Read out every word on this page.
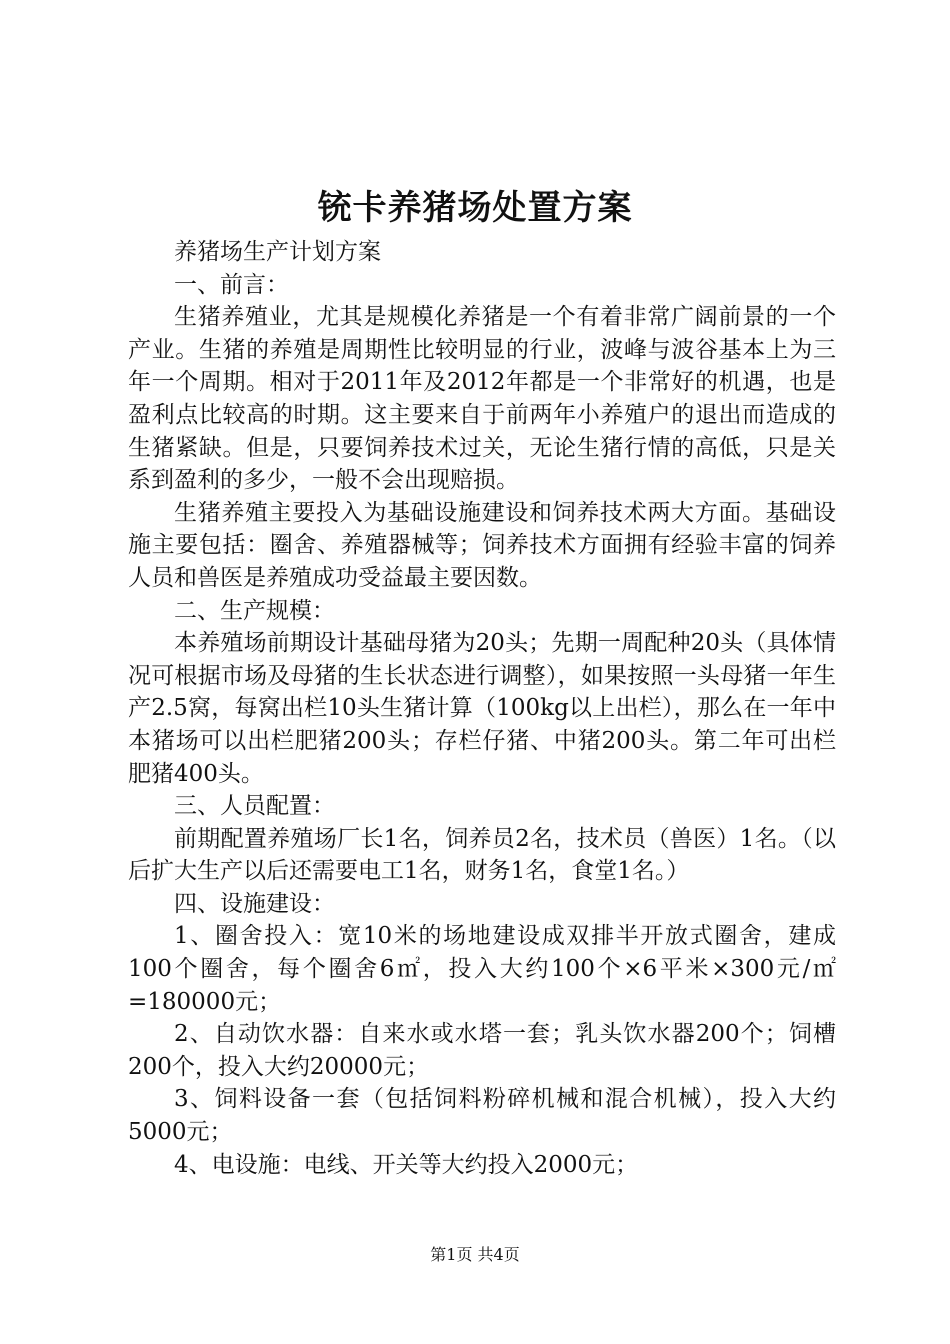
铳卡养猪场处置方案

养猪场生产计划方案

一、前言：

生猪养殖业，尤其是规模化养猪是一个有着非常广阔前景的一个产业。生猪的养殖是周期性比较明显的行业，波峰与波谷基本上为三年一个周期。相对于2011年及2012年都是一个非常好的机遇，也是盈利点比较高的时期。这主要来自于前两年小养殖户的退出而造成的生猪紧缺。但是，只要饲养技术过关，无论生猪行情的高低，只是关系到盈利的多少，一般不会出现赔损。

生猪养殖主要投入为基础设施建设和饲养技术两大方面。基础设施主要包括：圈舍、养殖器械等；饲养技术方面拥有经验丰富的饲养人员和兽医是养殖成功受益最主要因数。

二、生产规模：

本养殖场前期设计基础母猪为20头；先期一周配种20头（具体情况可根据市场及母猪的生长状态进行调整），如果按照一头母猪一年生产2.5窝，每窝出栏10头生猪计算（100kg以上出栏），那么在一年中本猪场可以出栏肥猪200头；存栏仔猪、中猪200头。第二年可出栏肥猪400头。

三、人员配置：

前期配置养殖场厂长1名，饲养员2名，技术员（兽医）1名。（以后扩大生产以后还需要电工1名，财务1名，食堂1名。）

四、设施建设：

1、圈舍投入：宽10米的场地建设成双排半开放式圈舍，建成100个圈舍，每个圈舍6㎡，投入大约100个×6平米×300元/㎡=180000元；

2、自动饮水器：自来水或水塔一套；乳头饮水器200个；饲槽200个，投入大约20000元；

3、饲料设备一套（包括饲料粉碎机械和混合机械），投入大约5000元；

4、电设施：电线、开关等大约投入2000元；

第1页 共4页
